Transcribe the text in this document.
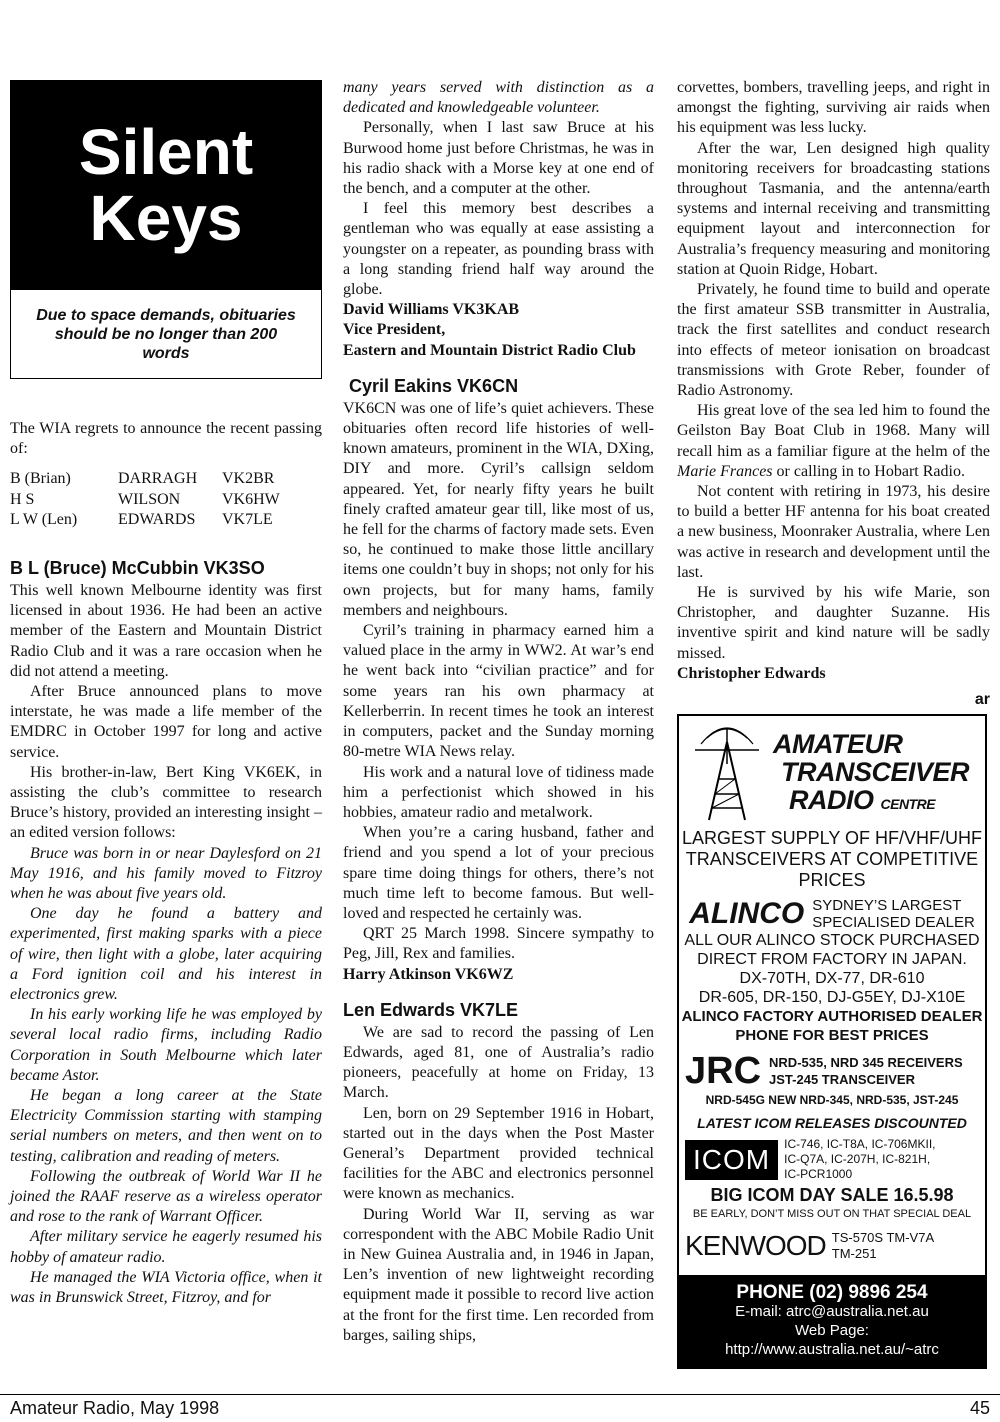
Silent
Keys
Due to space demands, obituaries should be no longer than 200 words

The WIA regrets to announce the recent passing of:

B (Brian)	DARRAGH	VK2BR
H S	WILSON	VK6HW
L W (Len)	EDWARDS	VK7LE
B L (Bruce) McCubbin VK3SO

This well known Melbourne identity was first licensed in about 1936. He had been an active member of the Eastern and Mountain District Radio Club and it was a rare occasion when he did not attend a meeting.

After Bruce announced plans to move interstate, he was made a life member of the EMDRC in October 1997 for long and active service.

His brother-in-law, Bert King VK6EK, in assisting the club’s committee to research Bruce’s history, provided an interesting insight – an edited version follows:

Bruce was born in or near Daylesford on 21 May 1916, and his family moved to Fitzroy when he was about five years old.

One day he found a battery and experimented, first making sparks with a piece of wire, then light with a globe, later acquiring a Ford ignition coil and his interest in electronics grew.

In his early working life he was employed by several local radio firms, including Radio Corporation in South Melbourne which later became Astor.

He began a long career at the State Electricity Commission starting with stamping serial numbers on meters, and then went on to testing, calibration and reading of meters.

Following the outbreak of World War II he joined the RAAF reserve as a wireless operator and rose to the rank of Warrant Officer.

After military service he eagerly resumed his hobby of amateur radio.

He managed the WIA Victoria office, when it was in Brunswick Street, Fitzroy, and for

many years served with distinction as a dedicated and knowledgeable volunteer.

Personally, when I last saw Bruce at his Burwood home just before Christmas, he was in his radio shack with a Morse key at one end of the bench, and a computer at the other.

I feel this memory best describes a gentleman who was equally at ease assisting a youngster on a repeater, as pounding brass with a long standing friend half way around the globe.

David Williams VK3KAB

Vice President,

Eastern and Mountain District Radio Club

Cyril Eakins VK6CN

VK6CN was one of life’s quiet achievers. These obituaries often record life histories of well-known amateurs, prominent in the WIA, DXing, DIY and more. Cyril’s callsign seldom appeared. Yet, for nearly fifty years he built finely crafted amateur gear till, like most of us, he fell for the charms of factory made sets. Even so, he continued to make those little ancillary items one couldn’t buy in shops; not only for his own projects, but for many hams, family members and neighbours.

Cyril’s training in pharmacy earned him a valued place in the army in WW2. At war’s end he went back into “civilian practice” and for some years ran his own pharmacy at Kellerberrin. In recent times he took an interest in computers, packet and the Sunday morning 80-metre WIA News relay.

His work and a natural love of tidiness made him a perfectionist which showed in his hobbies, amateur radio and metalwork.

When you’re a caring husband, father and friend and you spend a lot of your precious spare time doing things for others, there’s not much time left to become famous. But well-loved and respected he certainly was.

QRT 25 March 1998. Sincere sympathy to Peg, Jill, Rex and families.

Harry Atkinson VK6WZ

Len Edwards VK7LE

We are sad to record the passing of Len Edwards, aged 81, one of Australia’s radio pioneers, peacefully at home on Friday, 13 March.

Len, born on 29 September 1916 in Hobart, started out in the days when the Post Master General’s Department provided technical facilities for the ABC and electronics personnel were known as mechanics.

During World War II, serving as war correspondent with the ABC Mobile Radio Unit in New Guinea Australia and, in 1946 in Japan, Len’s invention of new lightweight recording equipment made it possible to record live action at the front for the first time. Len recorded from barges, sailing ships,

corvettes, bombers, travelling jeeps, and right in amongst the fighting, surviving air raids when his equipment was less lucky.

After the war, Len designed high quality monitoring receivers for broadcasting stations throughout Tasmania, and the antenna/earth systems and internal receiving and transmitting equipment layout and interconnection for Australia’s frequency measuring and monitoring station at Quoin Ridge, Hobart.

Privately, he found time to build and operate the first amateur SSB transmitter in Australia, track the first satellites and conduct research into effects of meteor ionisation on broadcast transmissions with Grote Reber, founder of Radio Astronomy.

His great love of the sea led him to found the Geilston Bay Boat Club in 1968. Many will recall him as a familiar figure at the helm of the Marie Frances or calling in to Hobart Radio.

Not content with retiring in 1973, his desire to build a better HF antenna for his boat created a new business, Moonraker Australia, where Len was active in research and development until the last.

He is survived by his wife Marie, son Christopher, and daughter Suzanne. His inventive spirit and kind nature will be sadly missed.

Christopher Edwards

ar
AMATEUR
TRANSCEIVER
RADIO CENTRE
LARGEST SUPPLY OF HF/VHF/UHF
TRANSCEIVERS AT COMPETITIVE
PRICES
ALINCO SYDNEY’S LARGEST
SPECIALISED DEALER
ALL OUR ALINCO STOCK PURCHASED
DIRECT FROM FACTORY IN JAPAN.
DX-70TH, DX-77, DR-610
DR-605, DR-150, DJ-G5EY, DJ-X10E
ALINCO FACTORY AUTHORISED DEALER
PHONE FOR BEST PRICES
JRC NRD-535, NRD 345 RECEIVERS
JST-245 TRANSCEIVER
NRD-545G NEW NRD-345, NRD-535, JST-245
LATEST ICOM RELEASES DISCOUNTED
ICOM	IC-746, IC-T8A, IC-706MKII,
IC-Q7A, IC-207H, IC-821H,
IC-PCR1000
BIG ICOM DAY SALE 16.5.98
BE EARLY, DON’T MISS OUT ON THAT SPECIAL DEAL
KENWOOD TS-570S TM-V7A
TM-251
PHONE (02) 9896 254
E-mail: atrc@australia.net.au
Web Page:
http://www.australia.net.au/~atrc
Amateur Radio, May 1998	45
